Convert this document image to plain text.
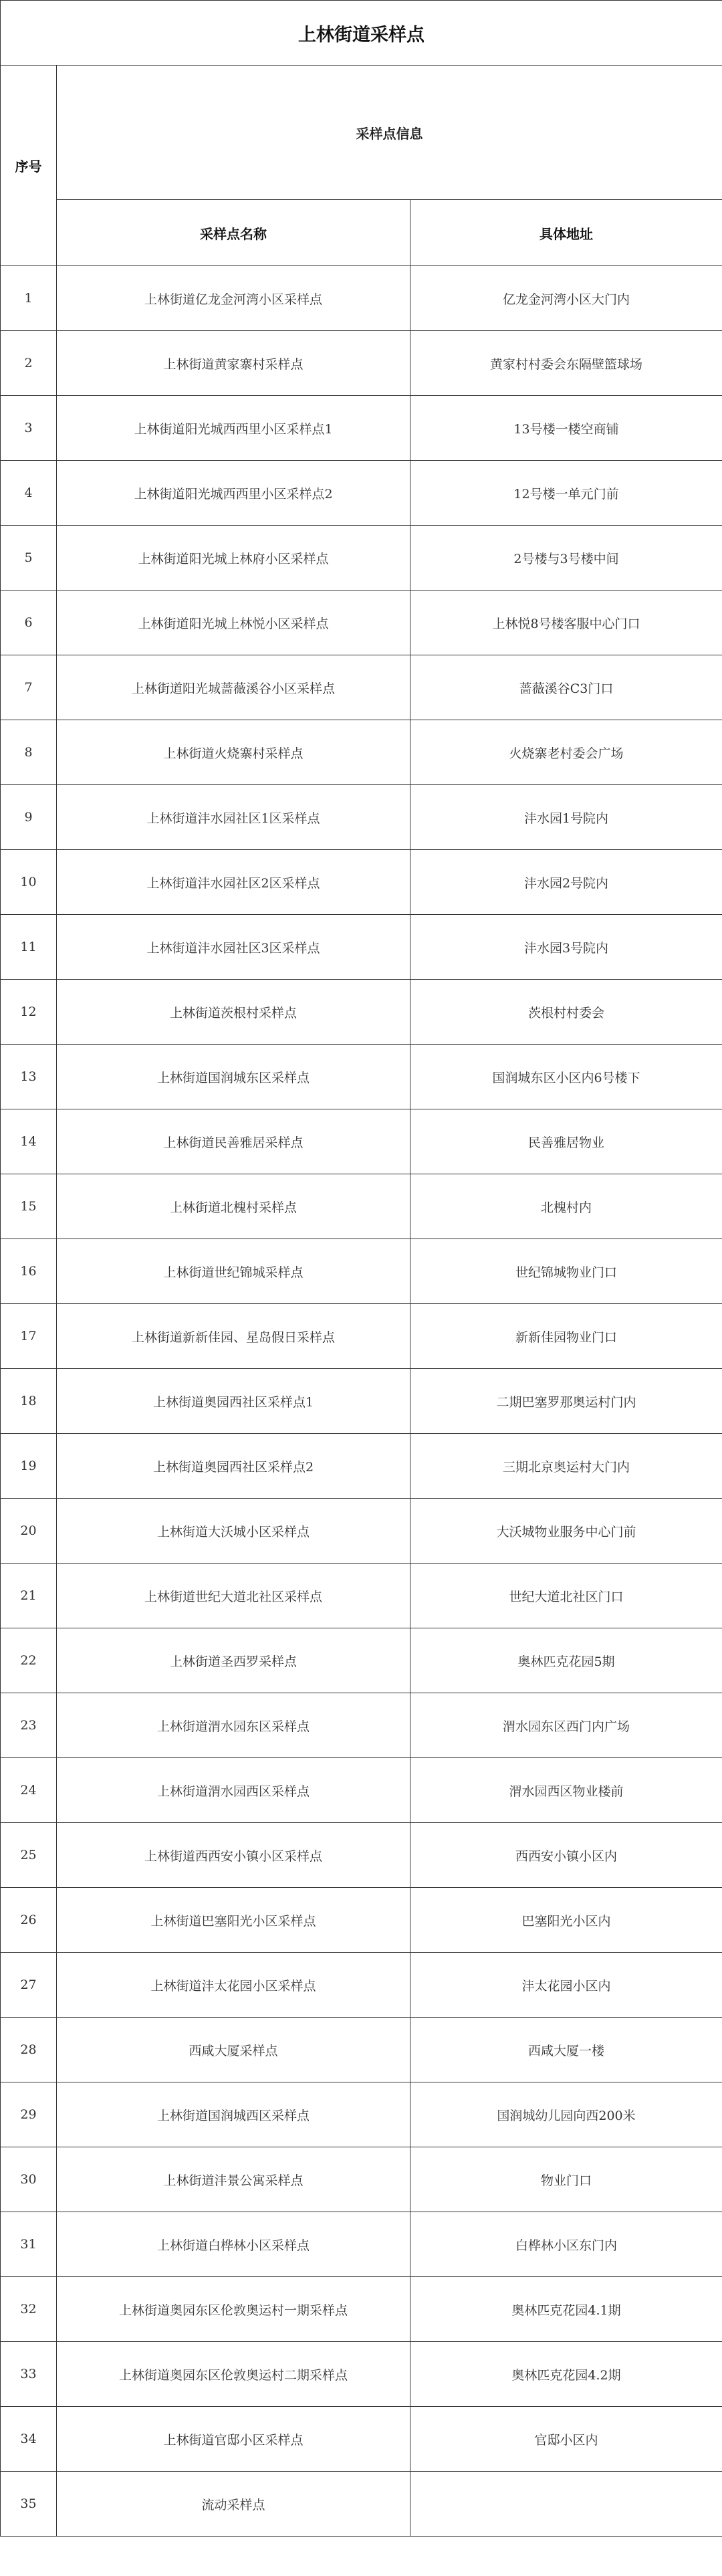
上林街道采样点		
序号	采样点信息	
	采样点名称	具体地址
1	上林街道亿龙金河湾小区采样点	亿龙金河湾小区大门内
2	上林街道黄家寨村采样点	黄家村村委会东隔壁篮球场
3	上林街道阳光城西西里小区采样点1	13号楼一楼空商铺
4	上林街道阳光城西西里小区采样点2	12号楼一单元门前
5	上林街道阳光城上林府小区采样点	2号楼与3号楼中间
6	上林街道阳光城上林悦小区采样点	上林悦8号楼客服中心门口
7	上林街道阳光城蔷薇溪谷小区采样点	蔷薇溪谷C3门口
8	上林街道火烧寨村采样点	火烧寨老村委会广场
9	上林街道沣水园社区1区采样点	沣水园1号院内
10	上林街道沣水园社区2区采样点	沣水园2号院内
11	上林街道沣水园社区3区采样点	沣水园3号院内
12	上林街道茨根村采样点	茨根村村委会
13	上林街道国润城东区采样点	国润城东区小区内6号楼下
14	上林街道民善雅居采样点	民善雅居物业
15	上林街道北槐村采样点	北槐村内
16	上林街道世纪锦城采样点	世纪锦城物业门口
17	上林街道新新佳园、星岛假日采样点	新新佳园物业门口
18	上林街道奥园西社区采样点1	二期巴塞罗那奥运村门内
19	上林街道奥园西社区采样点2	三期北京奥运村大门内
20	上林街道大沃城小区采样点	大沃城物业服务中心门前
21	上林街道世纪大道北社区采样点	世纪大道北社区门口
22	上林街道圣西罗采样点	奥林匹克花园5期
23	上林街道渭水园东区采样点	渭水园东区西门内广场
24	上林街道渭水园西区采样点	渭水园西区物业楼前
25	上林街道西西安小镇小区采样点	西西安小镇小区内
26	上林街道巴塞阳光小区采样点	巴塞阳光小区内
27	上林街道沣太花园小区采样点	沣太花园小区内
28	西咸大厦采样点	西咸大厦一楼
29	上林街道国润城西区采样点	国润城幼儿园向西200米
30	上林街道沣景公寓采样点	物业门口
31	上林街道白桦林小区采样点	白桦林小区东门内
32	上林街道奥园东区伦敦奥运村一期采样点	奥林匹克花园4.1期
33	上林街道奥园东区伦敦奥运村二期采样点	奥林匹克花园4.2期
34	上林街道官邸小区采样点	官邸小区内
35	流动采样点	
